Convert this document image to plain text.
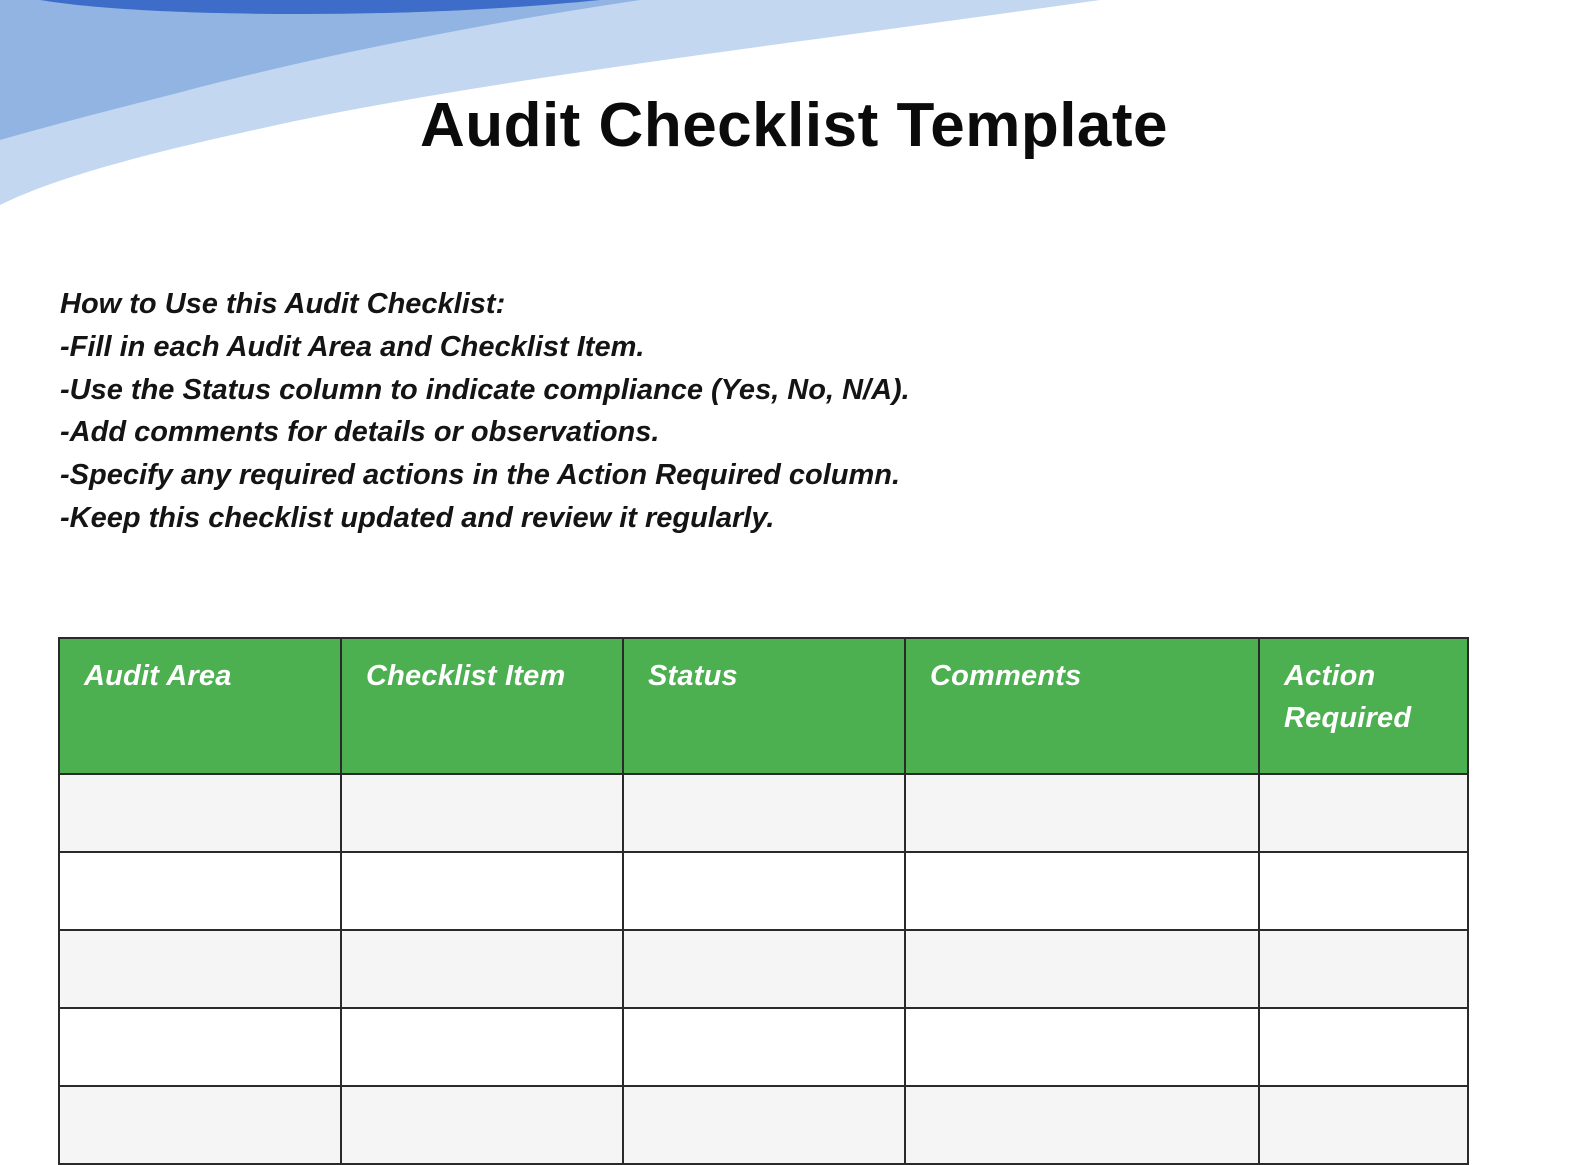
Audit Checklist Template

How to Use this Audit Checklist:

-Fill in each Audit Area and Checklist Item.

-Use the Status column to indicate compliance (Yes, No, N/A).

-Add comments for details or observations.

-Specify any required actions in the Action Required column.

-Keep this checklist updated and review it regularly.

Audit Area	Checklist Item	Status	Comments	Action Required
